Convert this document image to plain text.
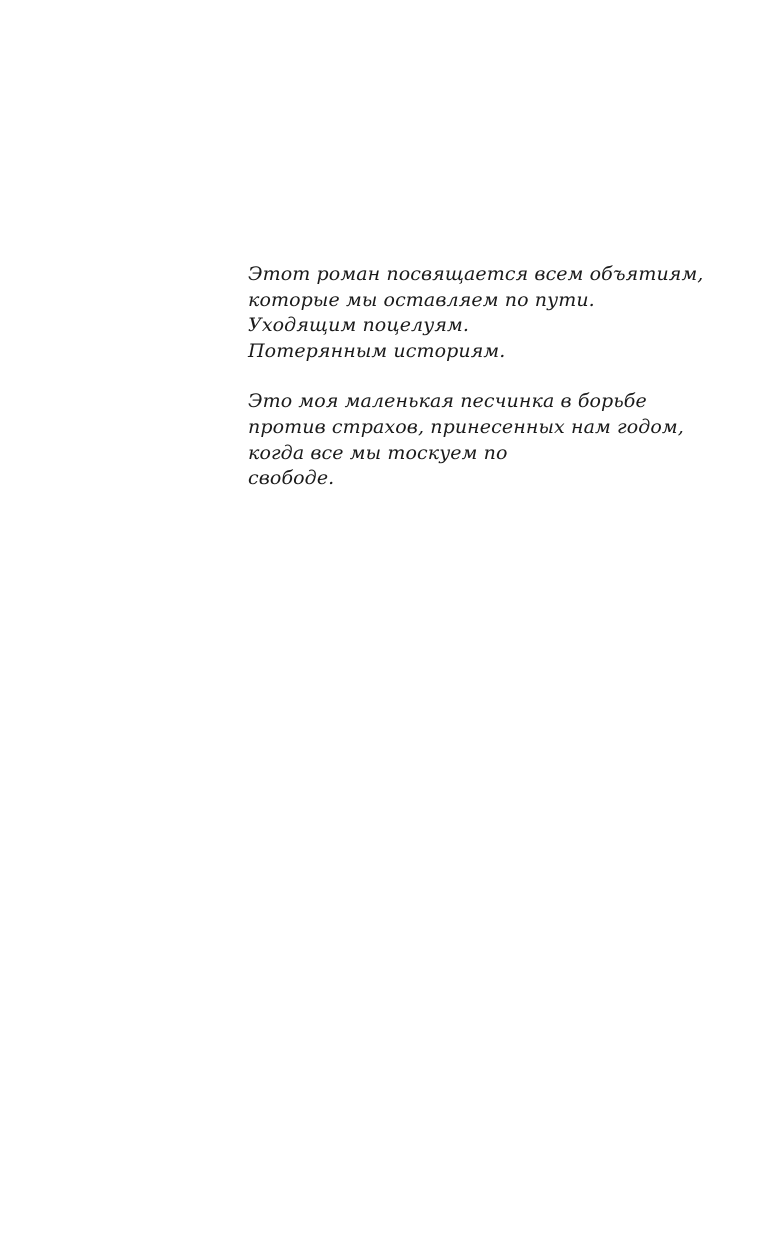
Этот роман посвящается всем объятиям,
которые мы оставляем по пути.
Уходящим поцелуям.
Потерянным историям.

Это моя маленькая песчинка в борьбе
против страхов, принесенных нам годом,
когда все мы тоскуем по
свободе.
